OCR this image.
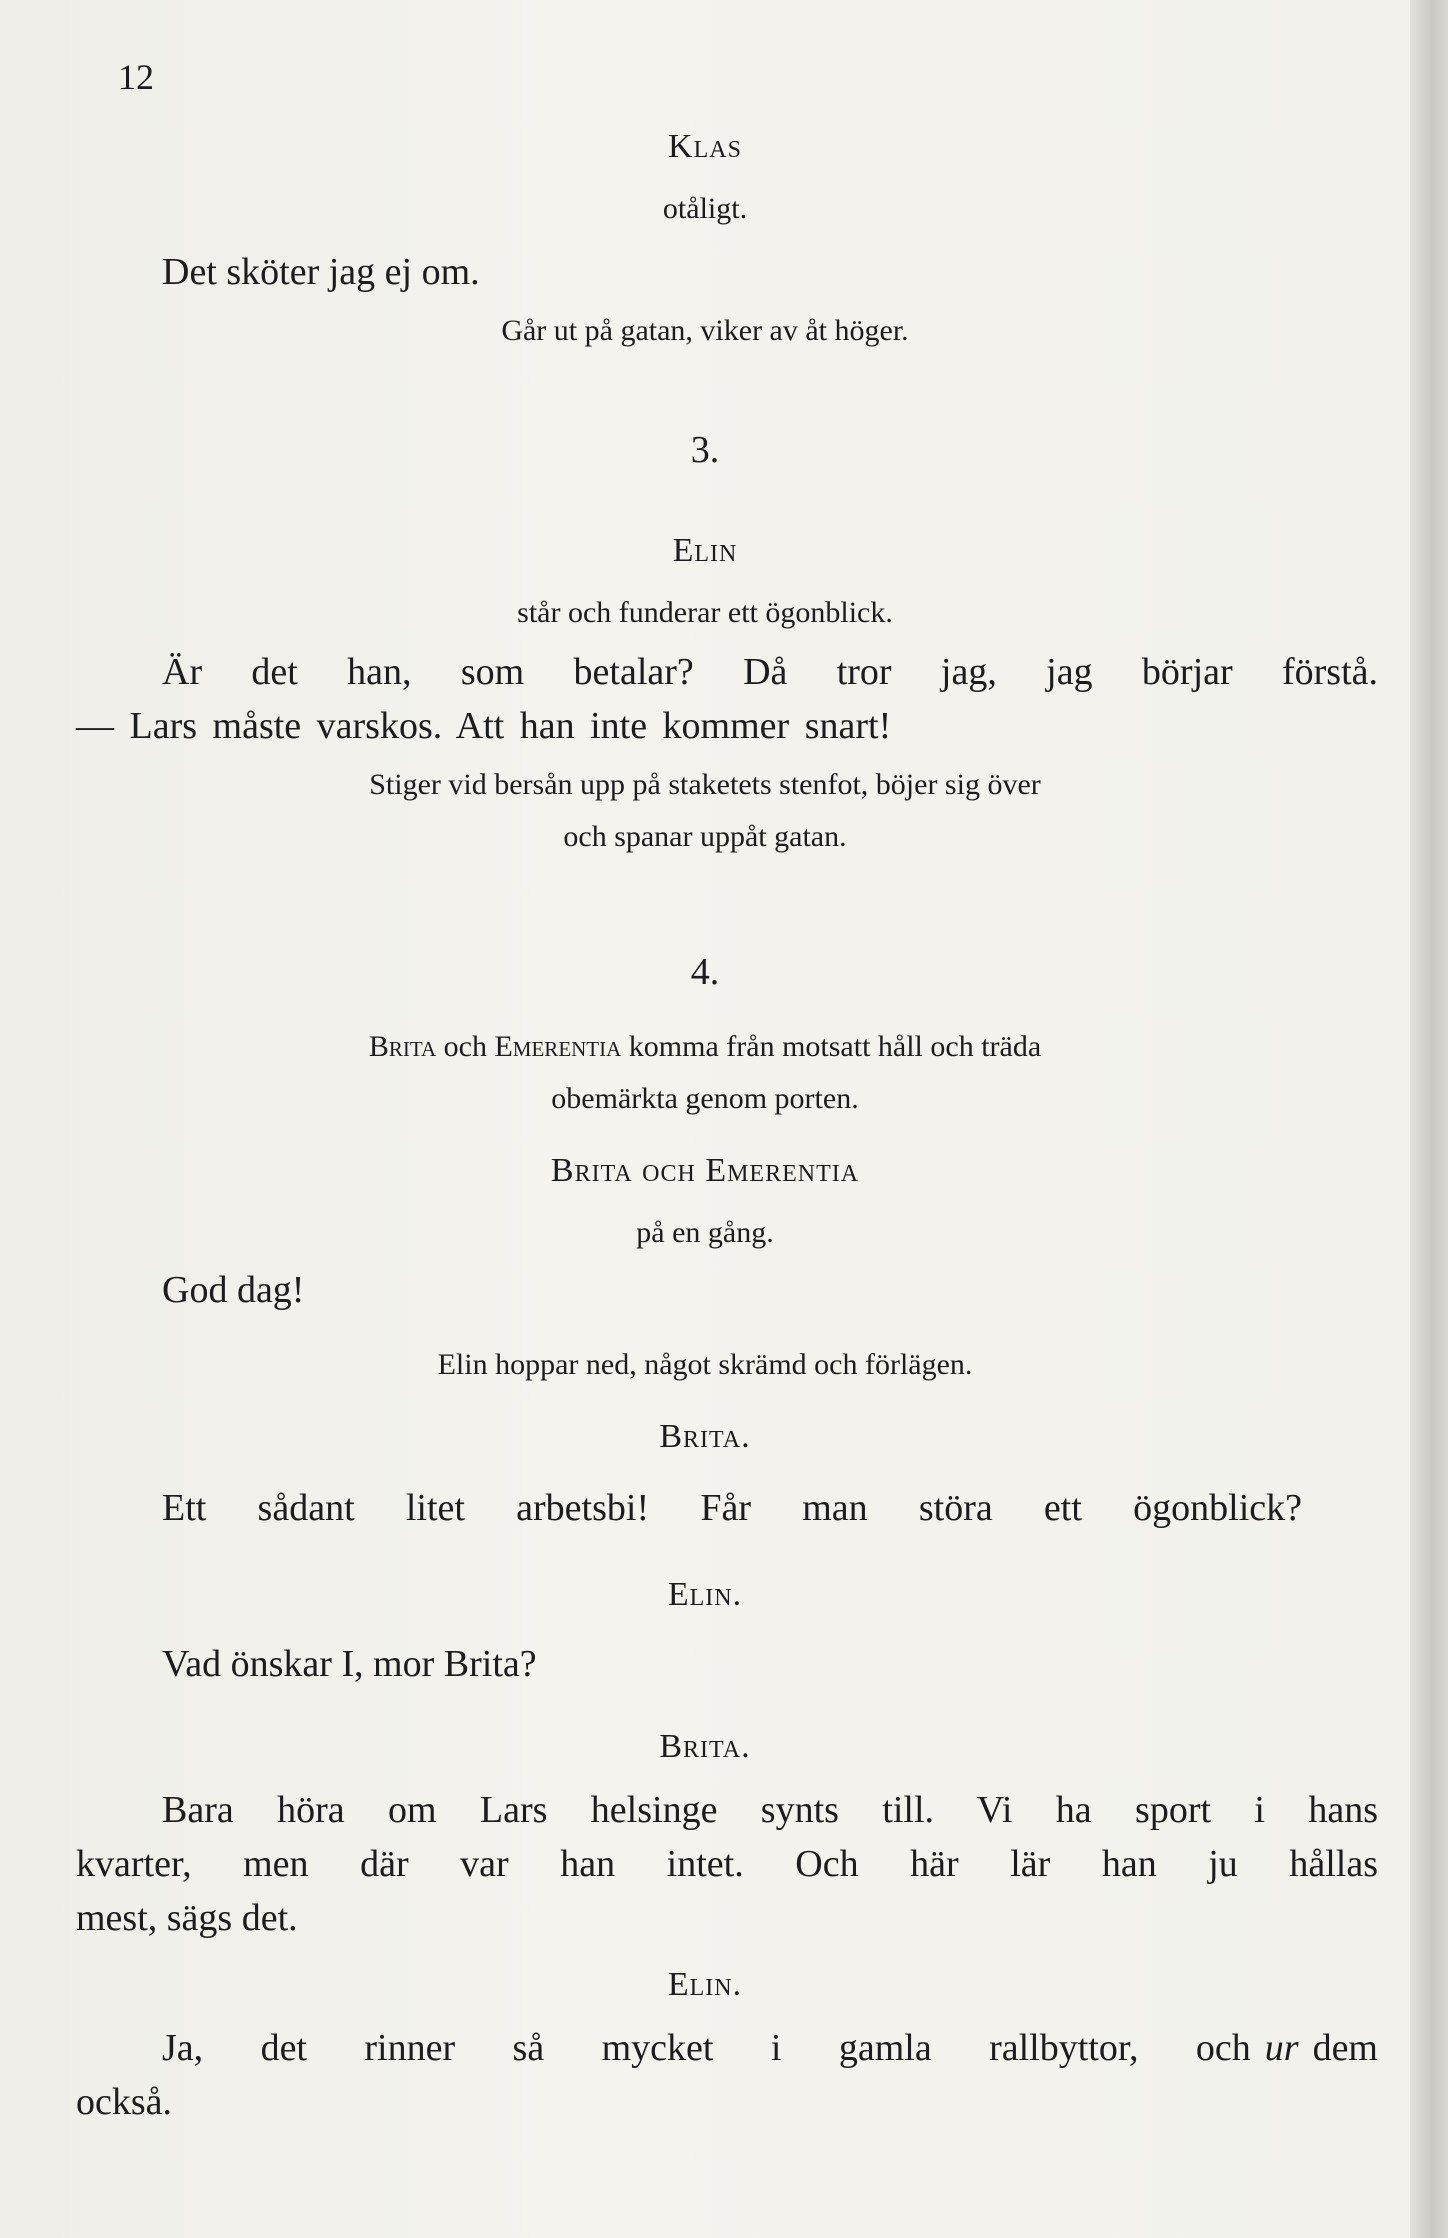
12
Klas
otåligt.
Det sköter jag ej om.
Går ut på gatan, viker av åt höger.
3.
Elin
står och funderar ett ögonblick.
Är det han, som betalar? Då tror jag, jag börjar förstå.
— Lars måste varskos. Att han inte kommer snart!
Stiger vid bersån upp på staketets stenfot, böjer sig över
och spanar uppåt gatan.
4.
Brita och Emerentia komma från motsatt håll och träda
obemärkta genom porten.
Brita och Emerentia
på en gång.
God dag!
Elin hoppar ned, något skrämd och förlägen.
Brita.
Ett sådant litet arbetsbi! Får man störa ett ögonblick?
Elin.
Vad önskar I, mor Brita?
Brita.
Bara höra om Lars helsinge synts till. Vi ha sport i hans
kvarter, men där var han intet. Och här lär han ju hållas
mest, sägs det.
Elin.
Ja, det rinner så mycket i gamla rallbyttor, och ur dem
också.
